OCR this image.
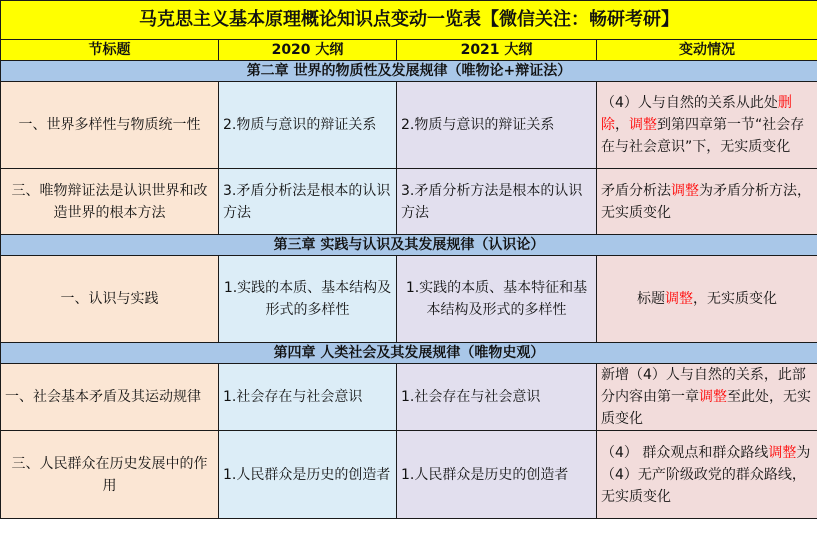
马克思主义基本原理概论知识点变动一览表【微信关注：畅研考研】			
节标题	2020 大纲	2021 大纲	变动情况
第二章 世界的物质性及发展规律（唯物论+辩证法）			
一、世界多样性与物质统一性	2.物质与意识的辩证关系	2.物质与意识的辩证关系	（4）人与自然的关系从此处删除，调整到第四章第一节“社会存在与社会意识”下，无实质变化
三、唯物辩证法是认识世界和改造世界的根本方法	3.矛盾分析法是根本的认识方法	3.矛盾分析方法是根本的认识方法	矛盾分析法调整为矛盾分析方法，无实质变化
第三章 实践与认识及其发展规律（认识论）			
一、认识与实践	1.实践的本质、基本结构及形式的多样性	1.实践的本质、基本特征和基本结构及形式的多样性	标题调整，无实质变化
第四章 人类社会及其发展规律（唯物史观）			
一、社会基本矛盾及其运动规律	1.社会存在与社会意识	1.社会存在与社会意识	新增（4）人与自然的关系，此部分内容由第一章调整至此处，无实质变化
三、人民群众在历史发展中的作用	1.人民群众是历史的创造者	1.人民群众是历史的创造者	（4） 群众观点和群众路线调整为（4）无产阶级政党的群众路线，无实质变化
